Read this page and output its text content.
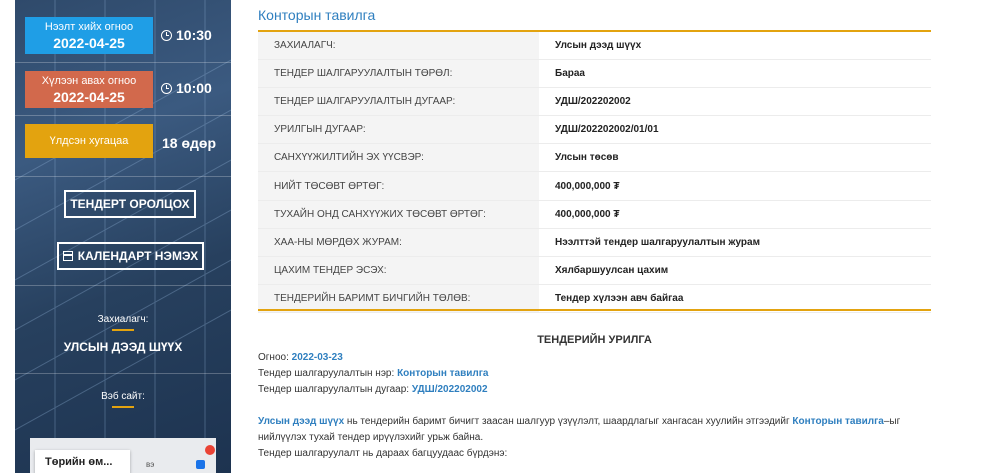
Нээлт хийх огноо
2022-04-25	10:30
Хүлээн авах огноо
2022-04-25
10:00
Үлдсэн хугацаа	18 өдөр
ТЕНДЕРТ ОРОЛЦОХ
КАЛЕНДАРТ НЭМЭХ
Захиалагч:
УЛСЫН ДЭЭД ШҮҮХ
Вэб сайт:
Төрийн өм...	вэ
Конторын тавилга
ЗАХИАЛАГЧ:	Улсын дээд шүүх
ТЕНДЕР ШАЛГАРУУЛАЛТЫН ТӨРӨЛ:	Бараа
ТЕНДЕР ШАЛГАРУУЛАЛТЫН ДУГААР:	УДШ/202202002
УРИЛГЫН ДУГААР:	УДШ/202202002/01/01
САНХҮҮЖИЛТИЙН ЭХ ҮҮСВЭР:	Улсын төсөв
НИЙТ ТӨСӨВТ ӨРТӨГ:	400,000,000 ₮
ТУХАЙН ОНД САНХҮҮЖИХ ТӨСӨВТ ӨРТӨГ:	400,000,000 ₮
ХАА-НЫ МӨРДӨХ ЖУРАМ:	Нээлттэй тендер шалгаруулалтын журам
ЦАХИМ ТЕНДЕР ЭСЭХ:	Хялбаршуулсан цахим
ТЕНДЕРИЙН БАРИМТ БИЧГИЙН ТӨЛӨВ:	Тендер хүлээн авч байгаа
ТЕНДЕРИЙН УРИЛГА
Огноо: 2022-03-23
Тендер шалгаруулалтын нэр: Конторын тавилга
Тендер шалгаруулалтын дугаар: УДШ/202202002
Улсын дээд шүүх нь тендерийн баримт бичигт заасан шалгуур үзүүлэлт, шаардлагыг хангасан хуулийн этгээдийг Конторын тавилга–ыг нийлүүлэх тухай тендер ирүүлэхийг урьж байна.
Тендер шалгаруулалт нь дараах багцуудаас бүрдэнэ:
